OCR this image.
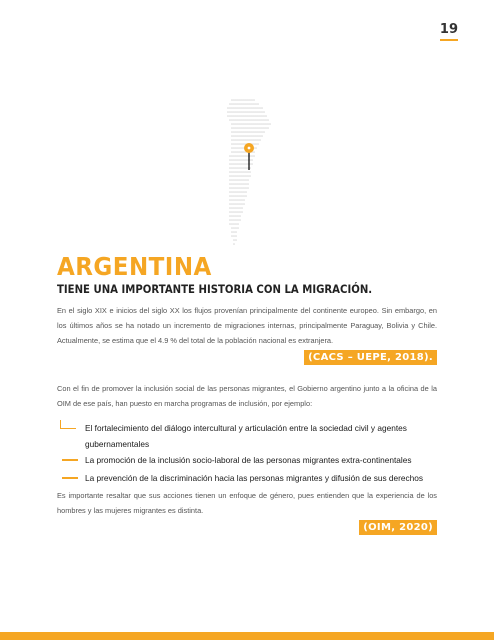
19
ARGENTINA
TIENE UNA IMPORTANTE HISTORIA CON LA MIGRACIÓN.

En el siglo XIX e inicios del siglo XX los flujos provenían principalmente del continente europeo. Sin embargo, en los últimos años se ha notado un incremento de migraciones internas, principalmente Paraguay, Bolivia y Chile. Actualmente, se estima que el 4.9 % del total de la población nacional es extranjera.

(CACS – UEPE, 2018).

Con el fin de promover la inclusión social de las personas migrantes, el Gobierno argentino junto a la oficina de la OIM de ese país, han puesto en marcha programas de inclusión, por ejemplo:

El fortalecimiento del diálogo intercultural y articulación entre la sociedad civil y agentes gubernamentales
La promoción de la inclusión socio-laboral de las personas migrantes extra-continentales
La prevención de la discriminación hacia las personas migrantes y difusión de sus derechos

Es importante resaltar que sus acciones tienen un enfoque de género, pues entienden que la experiencia de los hombres y las mujeres migrantes es distinta.

(OIM, 2020)
